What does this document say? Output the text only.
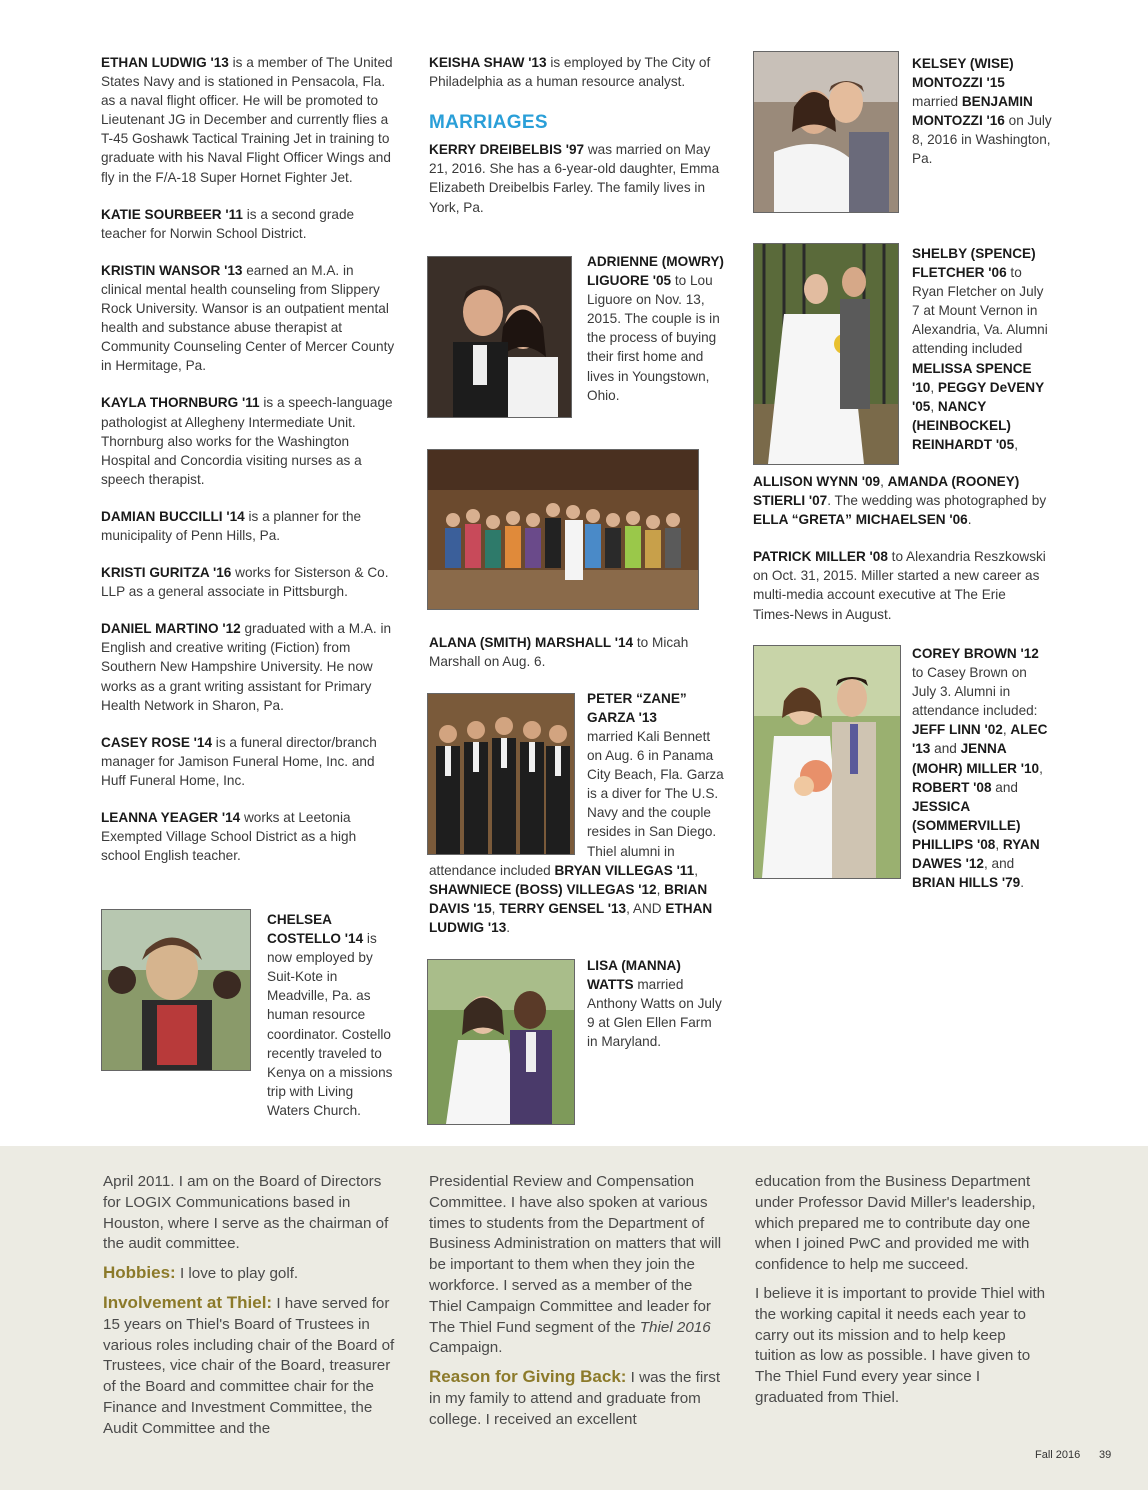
ETHAN LUDWIG '13 is a member of The United States Navy and is stationed in Pensacola, Fla. as a naval flight officer. He will be promoted to Lieutenant JG in December and currently flies a T-45 Goshawk Tactical Training Jet in training to graduate with his Naval Flight Officer Wings and fly in the F/A-18 Super Hornet Fighter Jet.

KATIE SOURBEER '11 is a second grade teacher for Norwin School District.

KRISTIN WANSOR '13 earned an M.A. in clinical mental health counseling from Slippery Rock University. Wansor is an outpatient mental health and substance abuse therapist at Community Counseling Center of Mercer County in Hermitage, Pa.

KAYLA THORNBURG '11 is a speech-language pathologist at Allegheny Intermediate Unit. Thornburg also works for the Washington Hospital and Concordia visiting nurses as a speech therapist.

DAMIAN BUCCILLI '14 is a planner for the municipality of Penn Hills, Pa.

KRISTI GURITZA '16 works for Sisterson & Co. LLP as a general associate in Pittsburgh.

DANIEL MARTINO '12 graduated with a M.A. in English and creative writing (Fiction) from Southern New Hampshire University. He now works as a grant writing assistant for Primary Health Network in Sharon, Pa.

CASEY ROSE '14 is a funeral director/branch manager for Jamison Funeral Home, Inc. and Huff Funeral Home, Inc.

LEANNA YEAGER '14 works at Leetonia Exempted Village School District as a high school English teacher.

CHELSEA COSTELLO '14 is now employed by Suit-Kote in Meadville, Pa. as human resource coordinator. Costello recently traveled to Kenya on a missions trip with Living Waters Church.

KEISHA SHAW '13 is employed by The City of Philadelphia as a human resource analyst.

MARRIAGES

KERRY DREIBELBIS '97 was married on May 21, 2016. She has a 6-year-old daughter, Emma Elizabeth Dreibelbis Farley. The family lives in York, Pa.

ADRIENNE (MOWRY) LIGUORE '05 to Lou Liguore on Nov. 13, 2015. The couple is in the process of buying their first home and lives in Youngstown, Ohio.

ALANA (SMITH) MARSHALL '14 to Micah Marshall on Aug. 6.

PETER “ZANE” GARZA '13
married Kali Bennett on Aug. 6 in Panama City Beach, Fla. Garza is a diver for The U.S. Navy and the couple resides in San Diego. Thiel alumni in attendance included BRYAN VILLEGAS '11, SHAWNIECE (BOSS) VILLEGAS '12, BRIAN DAVIS '15, TERRY GENSEL '13, AND ETHAN LUDWIG '13.
LISA (MANNA) WATTS married Anthony Watts on July 9 at Glen Ellen Farm in Maryland.
KELSEY (WISE) MONTOZZI '15 married BENJAMIN MONTOZZI '16 on July 8, 2016 in Washington, Pa.
SHELBY (SPENCE) FLETCHER '06 to Ryan Fletcher on July 7 at Mount Vernon in Alexandria, Va. Alumni attending included MELISSA SPENCE '10, PEGGY DeVENY '05, NANCY (HEINBOCKEL) REINHARDT '05,

ALLISON WYNN '09, AMANDA (ROONEY) STIERLI '07. The wedding was photographed by ELLA “GRETA” MICHAELSEN '06.

PATRICK MILLER '08 to Alexandria Reszkowski on Oct. 31, 2015. Miller started a new career as multi-media account executive at The Erie Times-News in August.

COREY BROWN '12 to Casey Brown on July 3. Alumni in attendance included: JEFF LINN '02, ALEC '13 and JENNA (MOHR) MILLER '10, ROBERT '08 and JESSICA (SOMMERVILLE) PHILLIPS '08, RYAN DAWES '12, and BRIAN HILLS '79.

April 2011. I am on the Board of Directors for LOGIX Communications based in Houston, where I serve as the chairman of the audit committee.

Hobbies: I love to play golf.

Involvement at Thiel: I have served for 15 years on Thiel's Board of Trustees in various roles including chair of the Board of Trustees, vice chair of the Board, treasurer of the Board and committee chair for the Finance and Investment Committee, the Audit Committee and the

Presidential Review and Compensation Committee. I have also spoken at various times to students from the Department of Business Administration on matters that will be important to them when they join the workforce. I served as a member of the Thiel Campaign Committee and leader for The Thiel Fund segment of the Thiel 2016 Campaign.

Reason for Giving Back: I was the first in my family to attend and graduate from college. I received an excellent

education from the Business Department under Professor David Miller's leadership, which prepared me to contribute day one when I joined PwC and provided me with confidence to help me succeed.

I believe it is important to provide Thiel with the working capital it needs each year to carry out its mission and to help keep tuition as low as possible. I have given to The Thiel Fund every year since I graduated from Thiel.

Fall 2016 39
